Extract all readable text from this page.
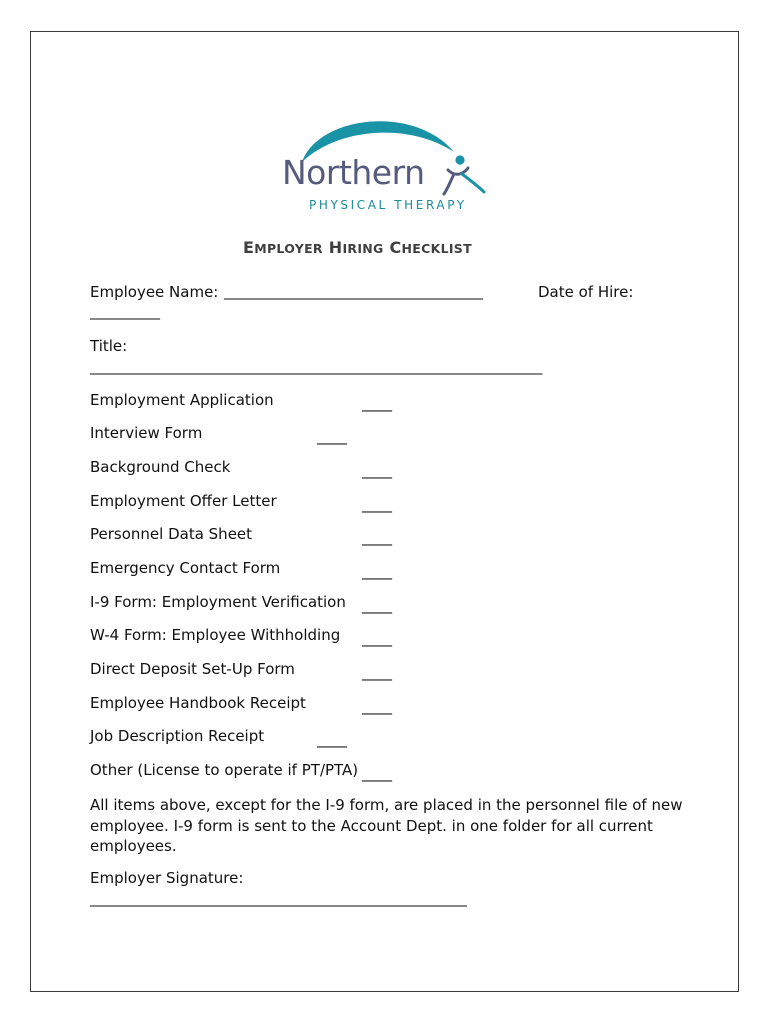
Northern
PHYSICAL THERAPY
EMPLOYER HIRING CHECKLIST
Employee Name: _____________________________________	Date of Hire:
__________
Title:
__________________________________________________________________
Employment Application	____
Interview Form	____
Background Check	____
Employment Offer Letter	____
Personnel Data Sheet	____
Emergency Contact Form	____
I-9 Form: Employment Verification ____
W-4 Form: Employee Withholding ____
Direct Deposit Set-Up Form	____
Employee Handbook Receipt	____
Job Description Receipt	____
Other (License to operate if PT/PTA) ____
All items above, except for the I-9 form, are placed in the personnel file of new employee. I-9 form is sent to the Account Dept. in one folder for all current employees.
Employer Signature:
_______________________________________________________
